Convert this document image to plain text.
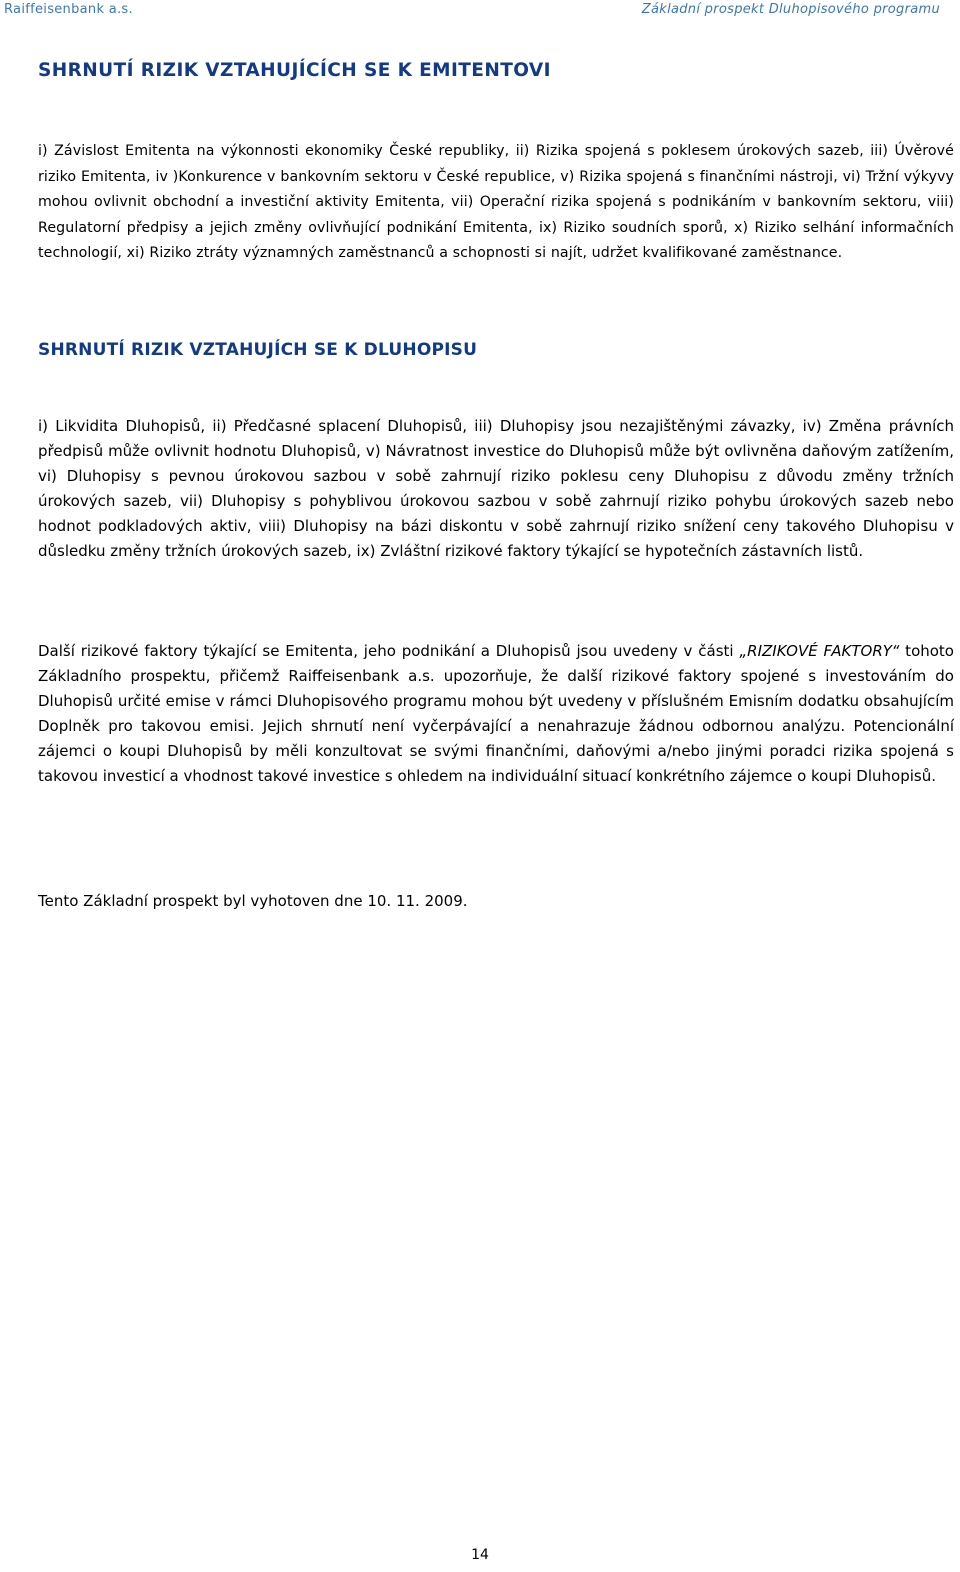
Raiffeisenbank a.s.	Základní prospekt Dluhopisového programu
SHRNUTÍ RIZIK VZTAHUJÍCÍCH SE K EMITENTOVI

i) Závislost Emitenta na výkonnosti ekonomiky České republiky, ii) Rizika spojená s poklesem úrokových sazeb, iii) Úvěrové riziko Emitenta, iv )Konkurence v bankovním sektoru v České republice, v) Rizika spojená s finančními nástroji, vi) Tržní výkyvy mohou ovlivnit obchodní a investiční aktivity Emitenta, vii) Operační rizika spojená s podnikáním v bankovním sektoru, viii) Regulatorní předpisy a jejich změny ovlivňující podnikání Emitenta, ix) Riziko soudních sporů, x) Riziko selhání informačních technologií, xi) Riziko ztráty významných zaměstnanců a schopnosti si najít, udržet kvalifikované zaměstnance.

SHRNUTÍ RIZIK VZTAHUJÍCH SE K DLUHOPISU

i) Likvidita Dluhopisů, ii) Předčasné splacení Dluhopisů, iii) Dluhopisy jsou nezajištěnými závazky, iv) Změna právních předpisů může ovlivnit hodnotu Dluhopisů, v) Návratnost investice do Dluhopisů může být ovlivněna daňovým zatížením, vi) Dluhopisy s pevnou úrokovou sazbou v sobě zahrnují riziko poklesu ceny Dluhopisu z důvodu změny tržních úrokových sazeb, vii) Dluhopisy s pohyblivou úrokovou sazbou v sobě zahrnují riziko pohybu úrokových sazeb nebo hodnot podkladových aktiv, viii) Dluhopisy na bázi diskontu v sobě zahrnují riziko snížení ceny takového Dluhopisu v důsledku změny tržních úrokových sazeb, ix) Zvláštní rizikové faktory týkající se hypotečních zástavních listů.

Další rizikové faktory týkající se Emitenta, jeho podnikání a Dluhopisů jsou uvedeny v části „RIZIKOVÉ FAKTORY“ tohoto Základního prospektu, přičemž Raiffeisenbank a.s. upozorňuje, že další rizikové faktory spojené s investováním do Dluhopisů určité emise v rámci Dluhopisového programu mohou být uvedeny v příslušném Emisním dodatku obsahujícím Doplněk pro takovou emisi. Jejich shrnutí není vyčerpávající a nenahrazuje žádnou odbornou analýzu. Potencionální zájemci o koupi Dluhopisů by měli konzultovat se svými finančními, daňovými a/nebo jinými poradci rizika spojená s takovou investicí a vhodnost takové investice s ohledem na individuální situací konkrétního zájemce o koupi Dluhopisů.

Tento Základní prospekt byl vyhotoven dne 10. 11. 2009.

14
